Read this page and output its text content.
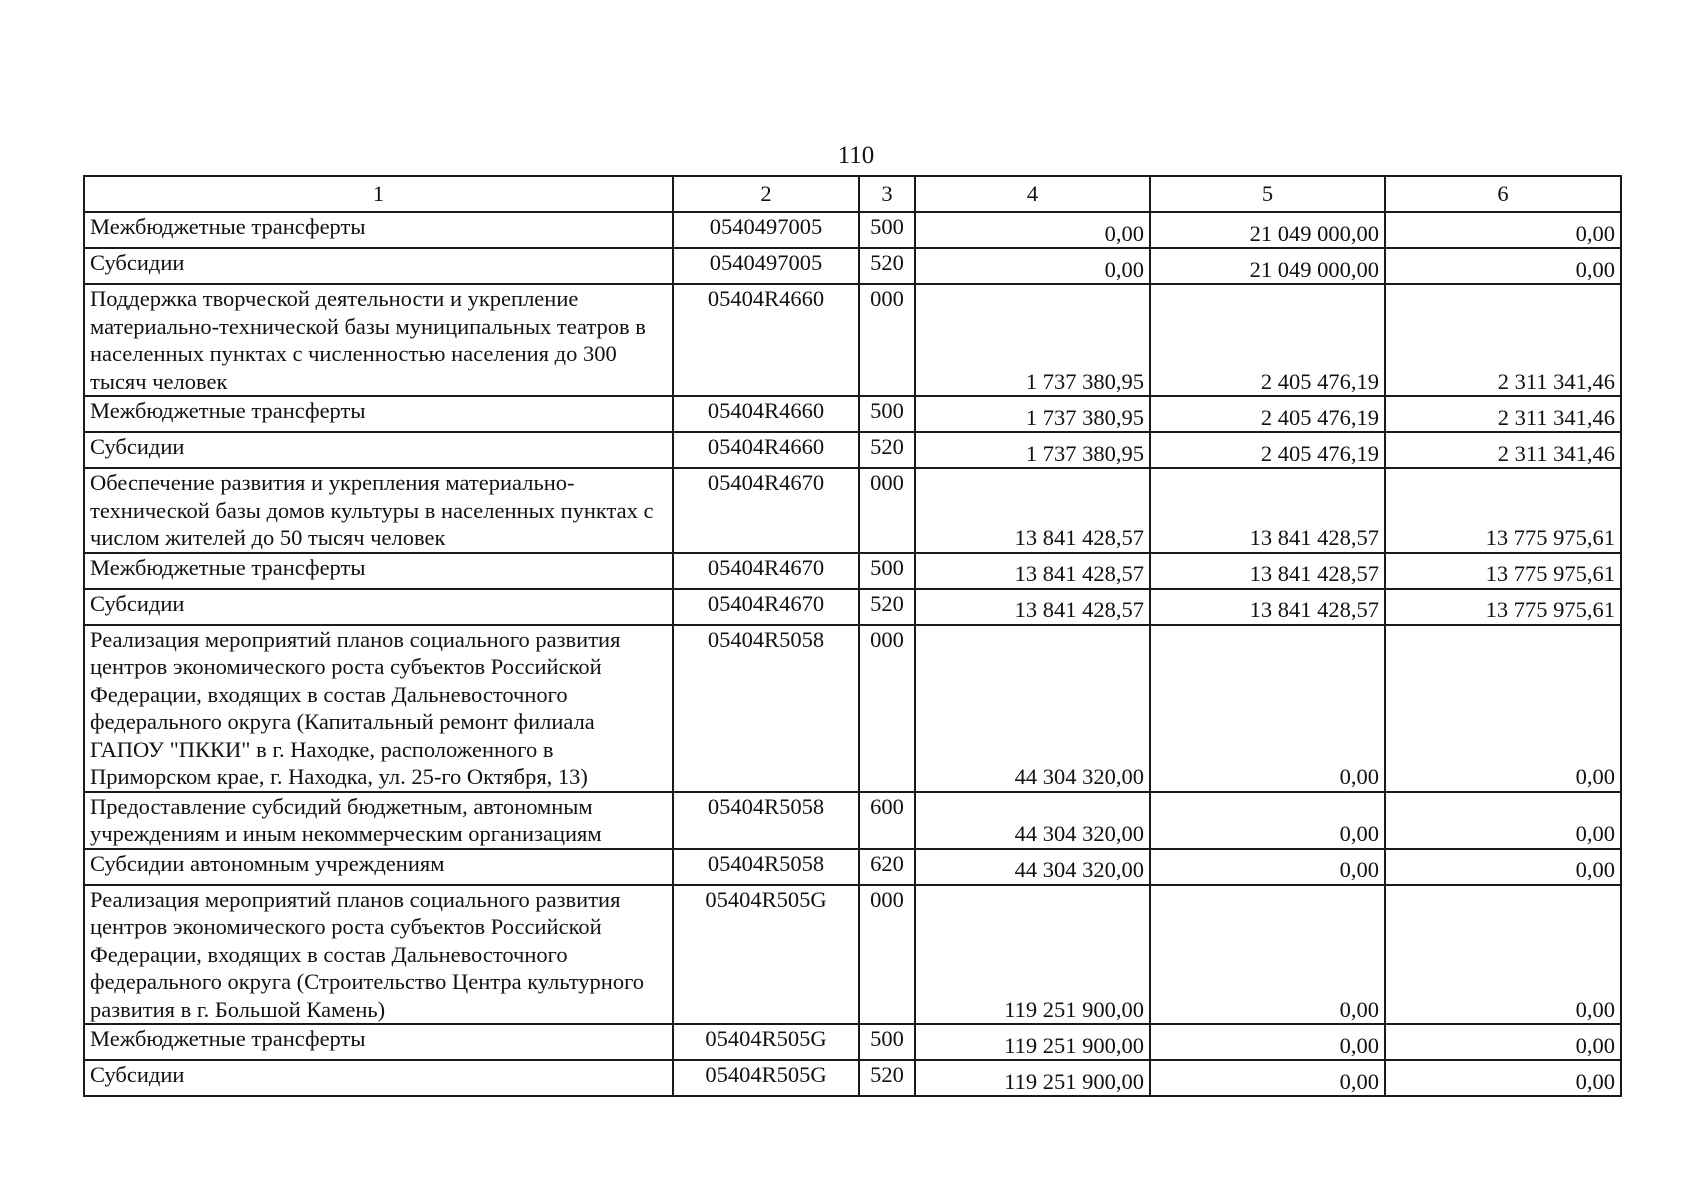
110
1	2	3	4	5	6
Межбюджетные трансферты	0540497005	500	0,00	21 049 000,00	0,00
Субсидии	0540497005	520	0,00	21 049 000,00	0,00
Поддержка творческой деятельности и укрепление материально-технической базы муниципальных театров в населенных пунктах с численностью населения до 300 тысяч человек	05404R4660	000	1 737 380,95	2 405 476,19	2 311 341,46
Межбюджетные трансферты	05404R4660	500	1 737 380,95	2 405 476,19	2 311 341,46
Субсидии	05404R4660	520	1 737 380,95	2 405 476,19	2 311 341,46
Обеспечение развития и укрепления материально-технической базы домов культуры в населенных пунктах с числом жителей до 50 тысяч человек	05404R4670	000	13 841 428,57	13 841 428,57	13 775 975,61
Межбюджетные трансферты	05404R4670	500	13 841 428,57	13 841 428,57	13 775 975,61
Субсидии	05404R4670	520	13 841 428,57	13 841 428,57	13 775 975,61
Реализация мероприятий планов социального развития центров экономического роста субъектов Российской Федерации, входящих в состав Дальневосточного федерального округа (Капитальный ремонт филиала ГАПОУ "ПККИ" в г. Находке, расположенного в Приморском крае, г. Находка, ул. 25-го Октября, 13)	05404R5058	000	44 304 320,00	0,00	0,00
Предоставление субсидий бюджетным, автономным учреждениям и иным некоммерческим организациям	05404R5058	600	44 304 320,00	0,00	0,00
Субсидии автономным учреждениям	05404R5058	620	44 304 320,00	0,00	0,00
Реализация мероприятий планов социального развития центров экономического роста субъектов Российской Федерации, входящих в состав Дальневосточного федерального округа (Строительство Центра культурного развития в г. Большой Камень)	05404R505G	000	119 251 900,00	0,00	0,00
Межбюджетные трансферты	05404R505G	500	119 251 900,00	0,00	0,00
Субсидии	05404R505G	520	119 251 900,00	0,00	0,00
